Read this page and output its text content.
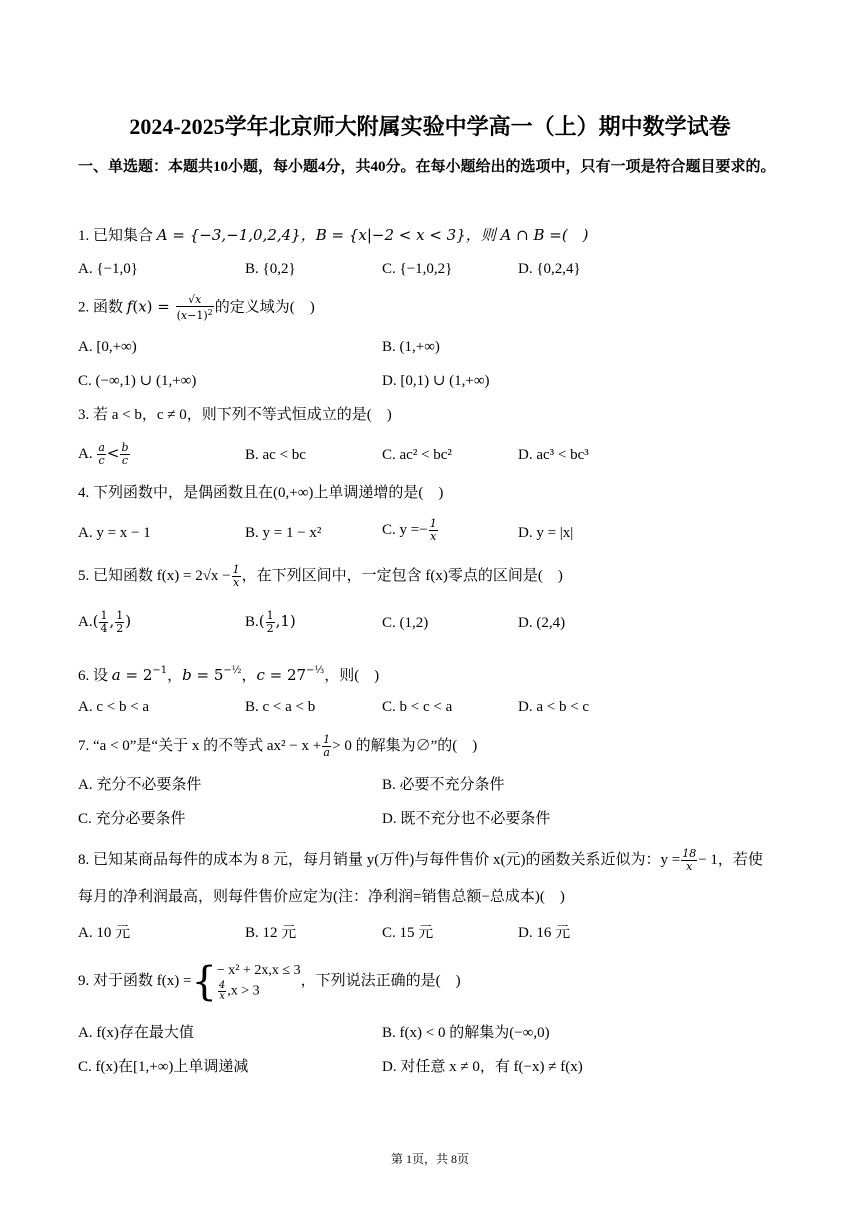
2024-2025学年北京师大附属实验中学高一（上）期中数学试卷

一、单选题：本题共10小题，每小题4分，共40分。在每小题给出的选项中，只有一项是符合题目要求的。

1. 已知集合 A = {−3,−1,0,2,4}，B = {x|−2 < x < 3}，则 A ∩ B =(　)
A. {−1,0}	B. {0,2}	C. {−1,0,2}	D. {0,2,4}
2. 函数 $f(x) = \frac{√x}{(x-1)^2}$ 的定义域为(　)
A. [0,+∞)	B. (1,+∞)
C. (−∞,1) ∪ (1,+∞)	D. [0,1) ∪ (1,+∞)
3. 若 a < b，c ≠ 0，则下列不等式恒成立的是(　)
A. $\frac{a}{c} < \frac{b}{c}$	B. ac < bc	C. ac² < bc²	D. ac³ < bc³
4. 下列函数中，是偶函数且在(0,+∞)上单调递增的是(　)
A. y = x − 1	B. y = 1 − x²	C. $y =- \frac{1}{x}$	D. y = |x|
5. 已知函数 $f(x) = 2√x - \frac{1}{x}$ ，在下列区间中，一定包含 f(x)零点的区间是(　)
$A.( \frac{1}{4}$ , $\frac{1}{2}$ )	$B.( \frac{1}{2} ,1)$	C. (1,2)	D. (2,4)
6. 设 $a = 2^{-1}$，$b = 5^{-\frac{1}{2}}$，$c = 27^{-\frac{1}{3}}$，则(　)
A. c < b < a	B. c < a < b	C. b < c < a	D. a < b < c
7. “a < 0”是“关于 x 的不等式 $ax^2 - x + \frac{1}{a} > 0$ 的解集为∅”的(　)
A. 充分不必要条件	B. 必要不充分条件
C. 充分必要条件	D. 既不充分也不必要条件
8. 已知某商品每件的成本为 8 元，每月销量 y(万件)与每件售价 x(元)的函数关系近似为：$y = \frac{18}{x} - 1$，若使
每月的净利润最高，则每件售价应定为(注：净利润=销售总额−总成本)(　)
A. 10 元	B. 12 元	C. 15 元	D. 16 元
9. 对于函数 f(x) ={ − x² + 2x,x ≤ 3
$\frac{4}{x} ,x > 3$
，下列说法正确的是(　)
A. f(x)存在最大值	B. f(x) < 0 的解集为(−∞,0)
C. f(x)在[1,+∞)上单调递减	D. 对任意 x ≠ 0，有 f(−x) ≠ f(x)
第 1页，共 8页
